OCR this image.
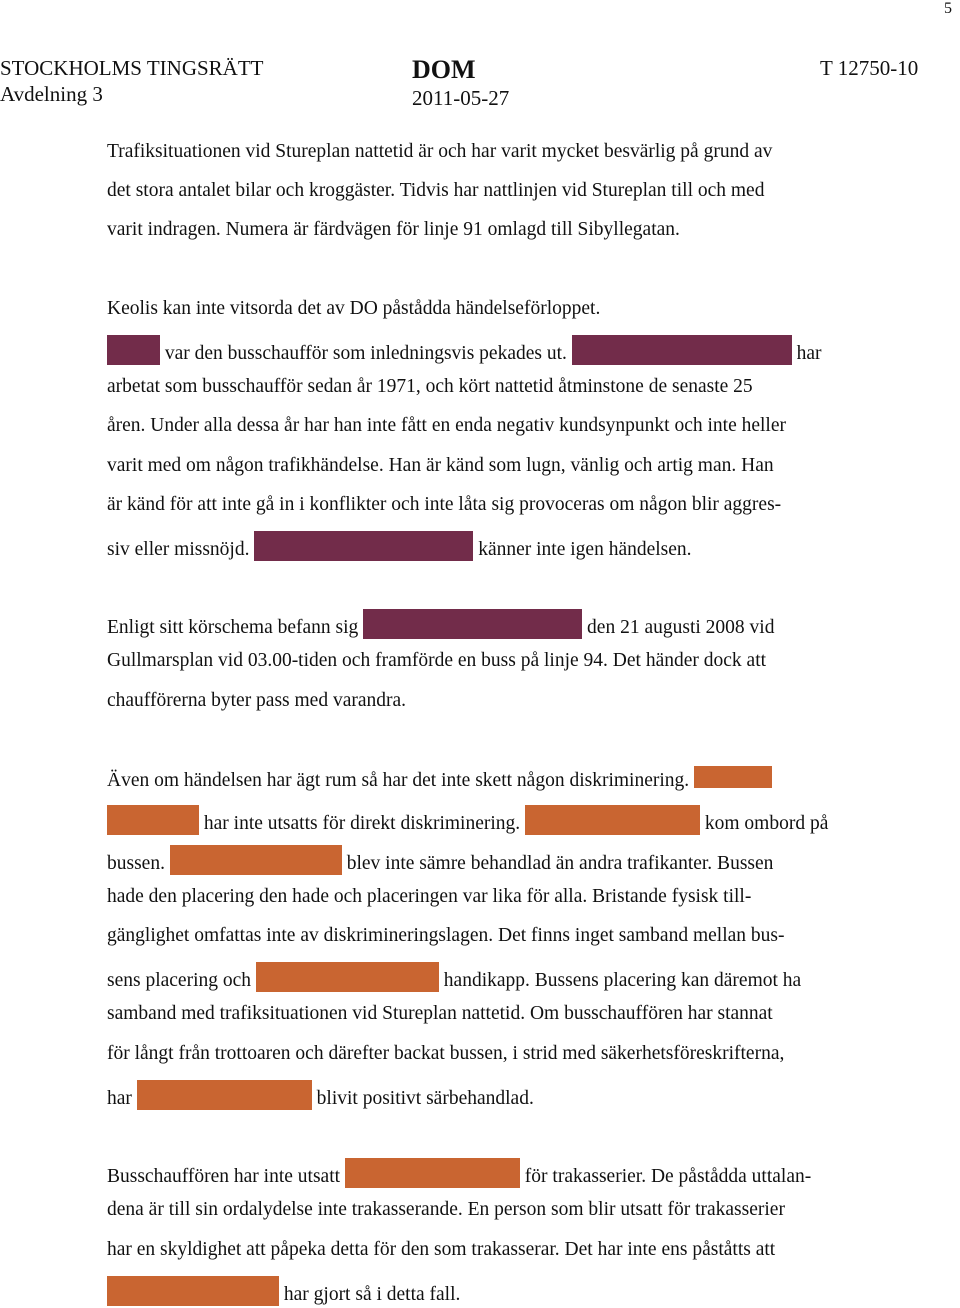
5
STOCKHOLMS TINGSRÄTT
Avdelning 3
DOM
2011-05-27
T 12750-10
Trafiksituationen vid Stureplan nattetid är och har varit mycket besvärlig på grund av
det stora antalet bilar och kroggäster. Tidvis har nattlinjen vid Stureplan till och med
varit indragen. Numera är färdvägen för linje 91 omlagd till Sibyllegatan.
Keolis kan inte vitsorda det av DO påstådda händelseförloppet.
var den busschaufför som inledningsvis pekades ut.	har
arbetat som busschaufför sedan år 1971, och kört nattetid åtminstone de senaste 25
åren. Under alla dessa år har han inte fått en enda negativ kundsynpunkt och inte heller
varit med om någon trafikhändelse. Han är känd som lugn, vänlig och artig man. Han
är känd för att inte gå in i konflikter och inte låta sig provoceras om någon blir aggres-
siv eller missnöjd.	känner inte igen händelsen.
Enligt sitt körschema befann sig	den 21 augusti 2008 vid
Gullmarsplan vid 03.00-tiden och framförde en buss på linje 94. Det händer dock att
chaufförerna byter pass med varandra.
Även om händelsen har ägt rum så har det inte skett någon diskriminering.
har inte utsatts för direkt diskriminering.	kom ombord på
bussen.	blev inte sämre behandlad än andra trafikanter. Bussen
hade den placering den hade och placeringen var lika för alla. Bristande fysisk till-
gänglighet omfattas inte av diskrimineringslagen. Det finns inget samband mellan bus-
sens placering och	handikapp. Bussens placering kan däremot ha
samband med trafiksituationen vid Stureplan nattetid. Om busschauffören har stannat
för långt från trottoaren och därefter backat bussen, i strid med säkerhetsföreskrifterna,
har	blivit positivt särbehandlad.
Busschauffören har inte utsatt	för trakasserier. De påstådda uttalan-
dena är till sin ordalydelse inte trakasserande. En person som blir utsatt för trakasserier
har en skyldighet att påpeka detta för den som trakasserar. Det har inte ens påståtts att
har gjort så i detta fall.
